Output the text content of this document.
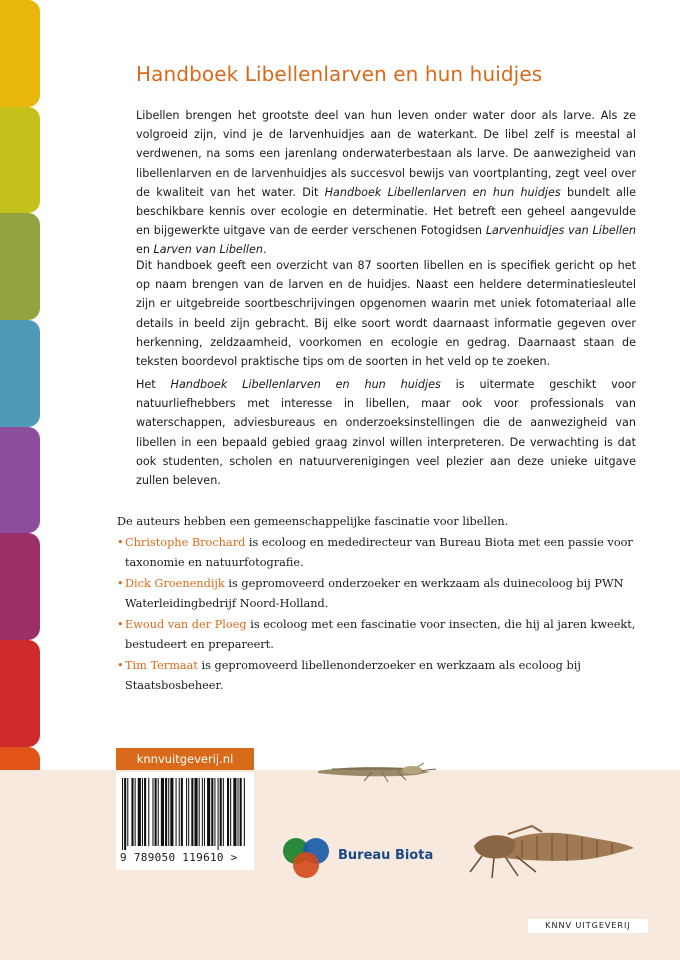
Handboek Libellenlarven en hun huidjes

Libellen brengen het grootste deel van hun leven onder water door als larve. Als ze volgroeid zijn, vind je de larvenhuidjes aan de waterkant. De libel zelf is meestal al verdwenen, na soms een jarenlang onderwaterbestaan als larve. De aanwezigheid van libellenlarven en de larvenhuidjes als succesvol bewijs van voortplanting, zegt veel over de kwaliteit van het water. Dit Handboek Libellenlarven en hun huidjes bundelt alle beschikbare kennis over ecologie en determinatie. Het betreft een geheel aangevulde en bijgewerkte uitgave van de eerder verschenen Fotogidsen Larvenhuidjes van Libellen en Larven van Libellen.

Dit handboek geeft een overzicht van 87 soorten libellen en is specifiek gericht op het op naam brengen van de larven en de huidjes. Naast een heldere determinatiesleutel zijn er uitgebreide soortbeschrijvingen opgenomen waarin met uniek fotomateriaal alle details in beeld zijn gebracht. Bij elke soort wordt daarnaast informatie gegeven over herkenning, zeldzaamheid, voorkomen en ecologie en gedrag. Daarnaast staan de teksten boordevol praktische tips om de soorten in het veld op te zoeken.

Het Handboek Libellenlarven en hun huidjes is uitermate geschikt voor natuurliefhebbers met interesse in libellen, maar ook voor professionals van waterschappen, adviesbureaus en onderzoeksinstellingen die de aanwezigheid van libellen in een bepaald gebied graag zinvol willen interpreteren. De verwachting is dat ook studenten, scholen en natuurverenigingen veel plezier aan deze unieke uitgave zullen beleven.

De auteurs hebben een gemeenschappelijke fascinatie voor libellen.

• Christophe Brochard is ecoloog en mededirecteur van Bureau Biota met een passie voor taxonomie en natuurfotografie.
• Dick Groenendijk is gepromoveerd onderzoeker en werkzaam als duinecoloog bij PWN Waterleidingbedrijf Noord-Holland.
• Ewoud van der Ploeg is ecoloog met een fascinatie voor insecten, die hij al jaren kweekt, bestudeert en prepareert.
• Tim Termaat is gepromoveerd libellenonderzoeker en werkzaam als ecoloog bij Staatsbosbeheer.
knnvuitgeverij.nl
9 789050 119610 >	Bureau Biota
KNNV UITGEVERIJ
